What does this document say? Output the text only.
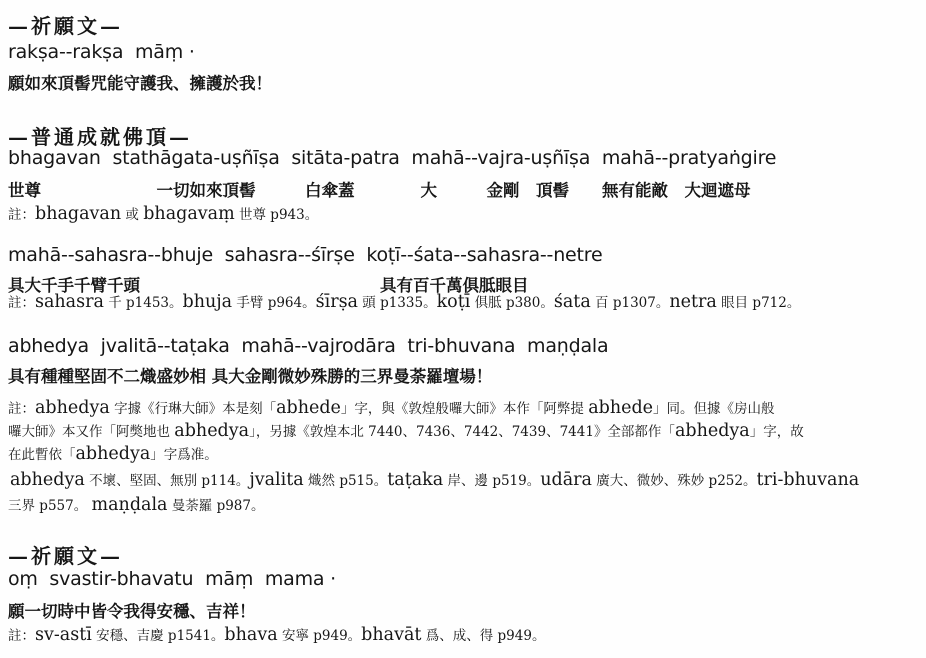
—祈願文—
rakṣa--rakṣa  māṃ ·
願如來頂髻咒能守護我、擁護於我！
—普通成就佛頂—
bhagavan  stathāgata-uṣñīṣa  sitāta-patra  mahā--vajra-uṣñīṣa  mahā--pratyaṅgire
世尊　　　　　　　一切如來頂髻　　　白傘蓋　　　　大　　　金剛　頂髻　　無有能敵　大迴遮母
註：bhagavan 或 bhagavaṃ 世尊 p943。
mahā--sahasra--bhuje  sahasra--śīrṣe  koṭī--śata--sahasra--netre
具大千手千臂千頭	具有百千萬俱胝眼目
註：sahasra 千 p1453。bhuja 手臂 p964。śīrṣa 頭 p1335。koṭī 俱胝 p380。śata 百 p1307。netra 眼目 p712。
abhedya  jvalitā--taṭaka  mahā--vajrodāra  tri-bhuvana  maṇḍala
具有種種堅固不二熾盛妙相 具大金剛微妙殊勝的三界曼荼羅壇場！
註：abhedya 字據《行琳大師》本是刻「abhede」字，與《敦煌般囉大師》本作「阿弊提 abhede」同。但據《房山般
囉大師》本又作「阿獘地也 abhedya」，另據《敦煌本北 7440、7436、7442、7439、7441》全部都作「abhedya」字，故
在此暫依「abhedya」字爲准。
abhedya 不壞、堅固、無別 p114。jvalita 熾然 p515。taṭaka 岸、邊 p519。udāra 廣大、微妙、殊妙 p252。tri-bhuvana
三界 p557。 maṇḍala 曼荼羅 p987。
—祈願文—
oṃ  svastir-bhavatu  māṃ  mama ·
願一切時中皆令我得安穩、吉祥！
註：sv-astī 安穩、吉慶 p1541。bhava 安寧 p949。bhavāt 爲、成、得 p949。
